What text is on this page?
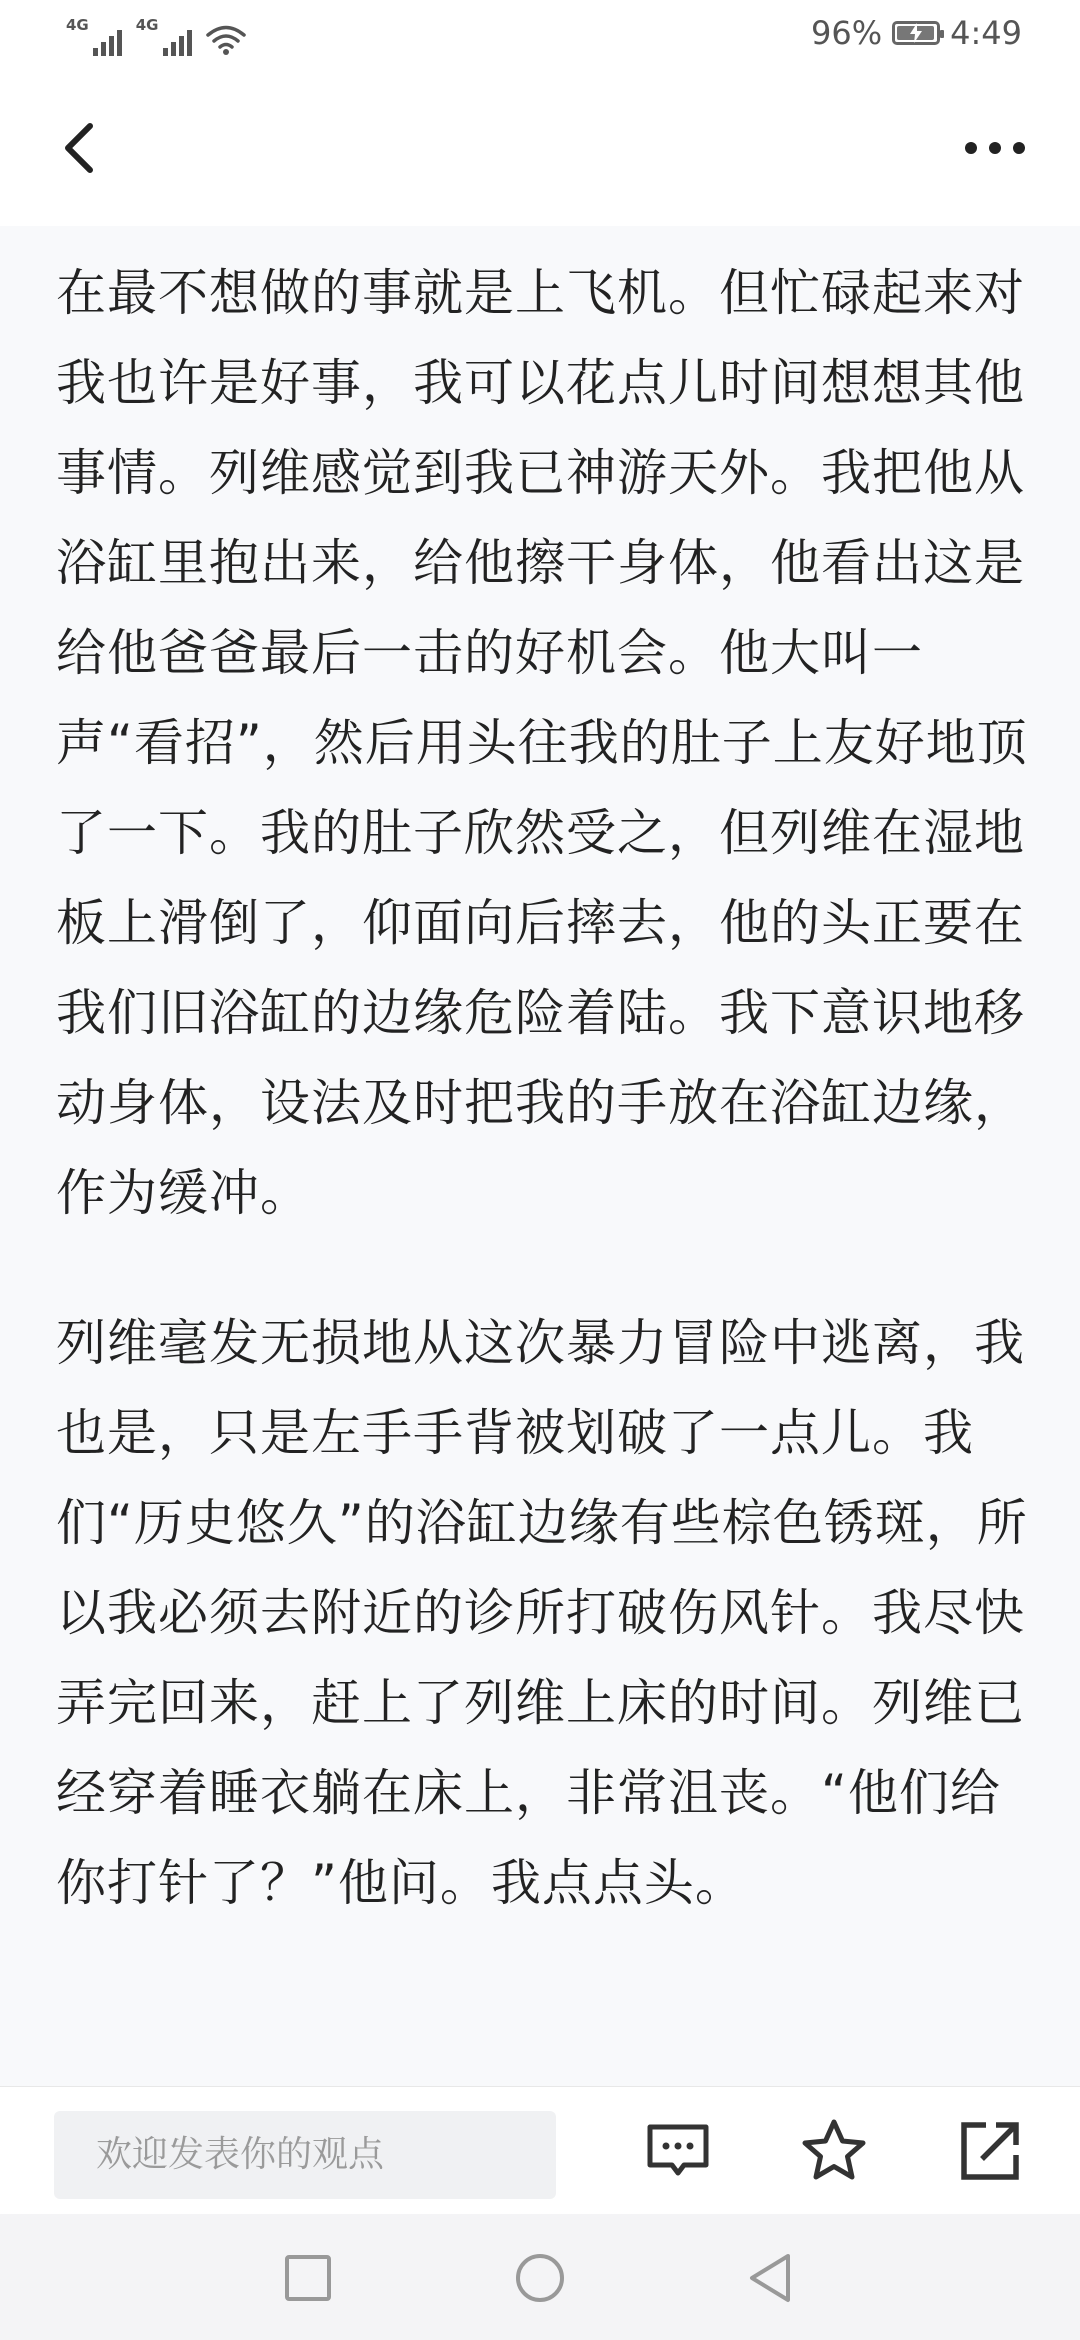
4G	4G	96% 4:49

在最不想做的事就是上飞机。但忙碌起来对我也许是好事，我可以花点儿时间想想其他事情。列维感觉到我已神游天外。我把他从浴缸里抱出来，给他擦干身体，他看出这是给他爸爸最后一击的好机会。他大叫一声“看招”，然后用头往我的肚子上友好地顶了一下。我的肚子欣然受之，但列维在湿地板上滑倒了，仰面向后摔去，他的头正要在我们旧浴缸的边缘危险着陆。我下意识地移动身体，设法及时把我的手放在浴缸边缘，作为缓冲。

列维毫发无损地从这次暴力冒险中逃离，我也是，只是左手手背被划破了一点儿。我们“历史悠久”的浴缸边缘有些棕色锈斑，所以我必须去附近的诊所打破伤风针。我尽快弄完回来，赶上了列维上床的时间。列维已经穿着睡衣躺在床上，非常沮丧。“他们给你打针了？”他问。我点点头。

欢迎发表你的观点
